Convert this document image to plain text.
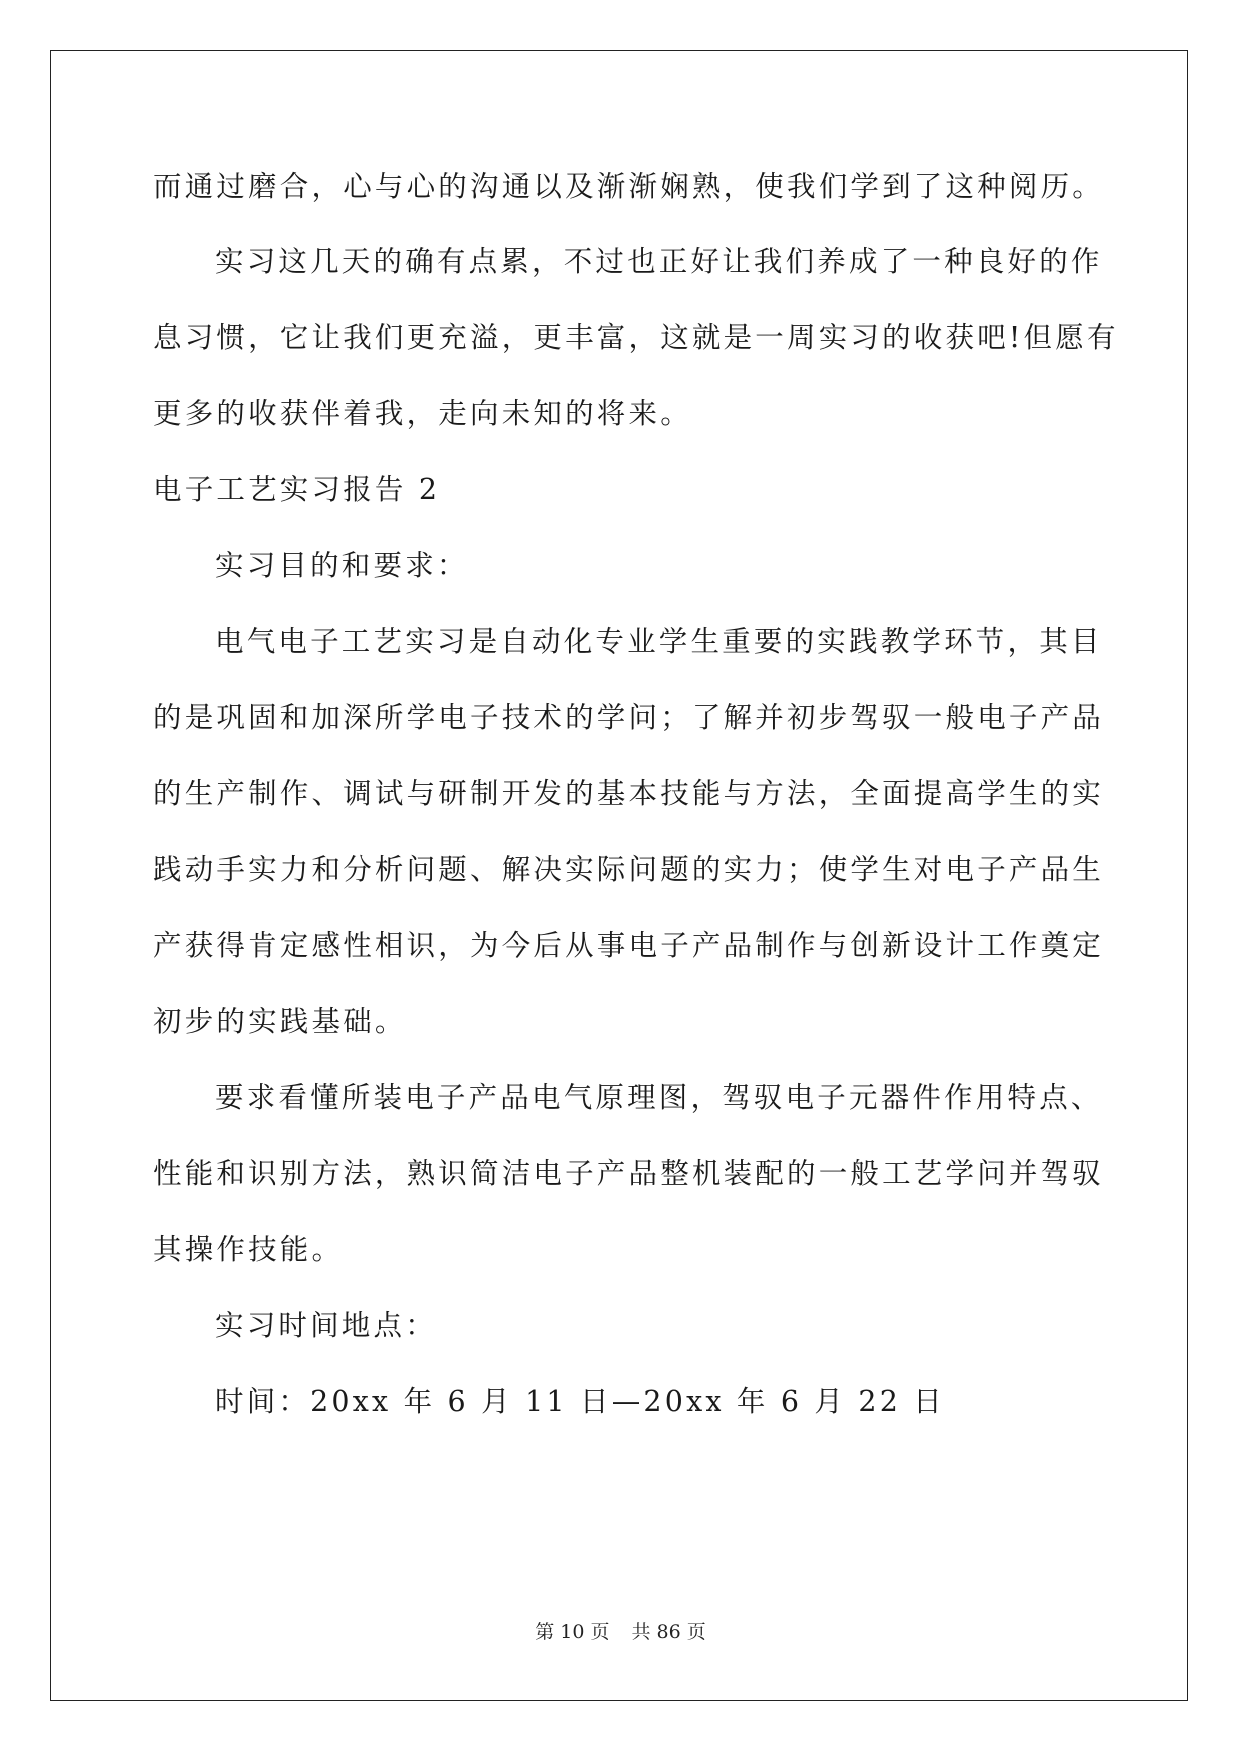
而通过磨合，心与心的沟通以及渐渐娴熟，使我们学到了这种阅历。
实习这几天的确有点累，不过也正好让我们养成了一种良好的作
息习惯，它让我们更充溢，更丰富，这就是一周实习的收获吧!但愿有
更多的收获伴着我，走向未知的将来。
电子工艺实习报告 2
实习目的和要求：
电气电子工艺实习是自动化专业学生重要的实践教学环节，其目
的是巩固和加深所学电子技术的学问；了解并初步驾驭一般电子产品
的生产制作、调试与研制开发的基本技能与方法，全面提高学生的实
践动手实力和分析问题、解决实际问题的实力；使学生对电子产品生
产获得肯定感性相识，为今后从事电子产品制作与创新设计工作奠定
初步的实践基础。
要求看懂所装电子产品电气原理图，驾驭电子元器件作用特点、
性能和识别方法，熟识简洁电子产品整机装配的一般工艺学问并驾驭
其操作技能。
实习时间地点：
时间：20xx 年 6 月 11 日—20xx 年 6 月 22 日
第 10 页 共 86 页
